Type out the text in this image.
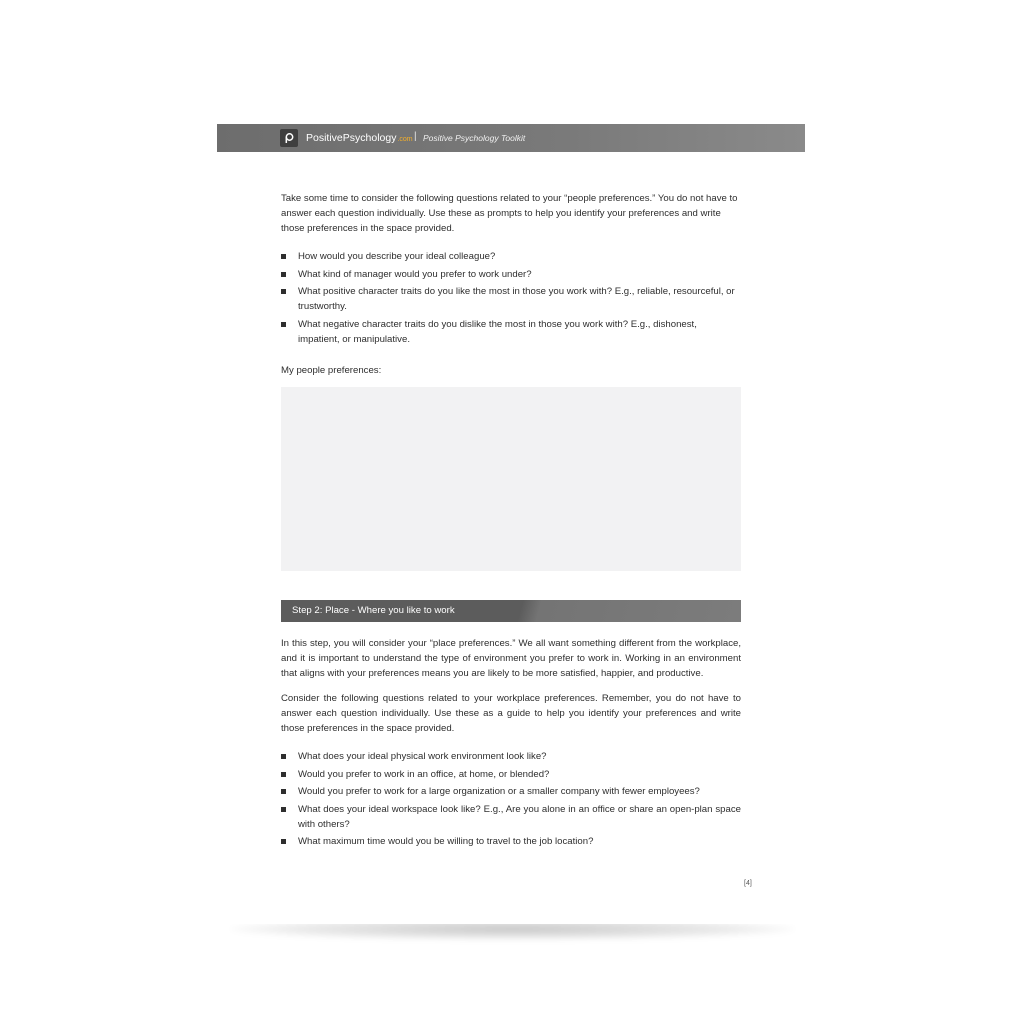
PositivePsychology.com | Positive Psychology Toolkit

Take some time to consider the following questions related to your “people preferences.” You do not have to answer each question individually. Use these as prompts to help you identify your preferences and write those preferences in the space provided.

How would you describe your ideal colleague?
What kind of manager would you prefer to work under?
What positive character traits do you like the most in those you work with? E.g., reliable, resourceful, or trustworthy.
What negative character traits do you dislike the most in those you work with? E.g., dishonest, impatient, or manipulative.

My people preferences:

Step 2: Place - Where you like to work

In this step, you will consider your “place preferences.” We all want something different from the workplace, and it is important to understand the type of environment you prefer to work in. Working in an environment that aligns with your preferences means you are likely to be more satisfied, happier, and productive.

Consider the following questions related to your workplace preferences. Remember, you do not have to answer each question individually. Use these as a guide to help you identify your preferences and write those preferences in the space provided.

What does your ideal physical work environment look like?
Would you prefer to work in an office, at home, or blended?
Would you prefer to work for a large organization or a smaller company with fewer employees?
What does your ideal workspace look like? E.g., Are you alone in an office or share an open-plan space with others?
What maximum time would you be willing to travel to the job location?
[4]
